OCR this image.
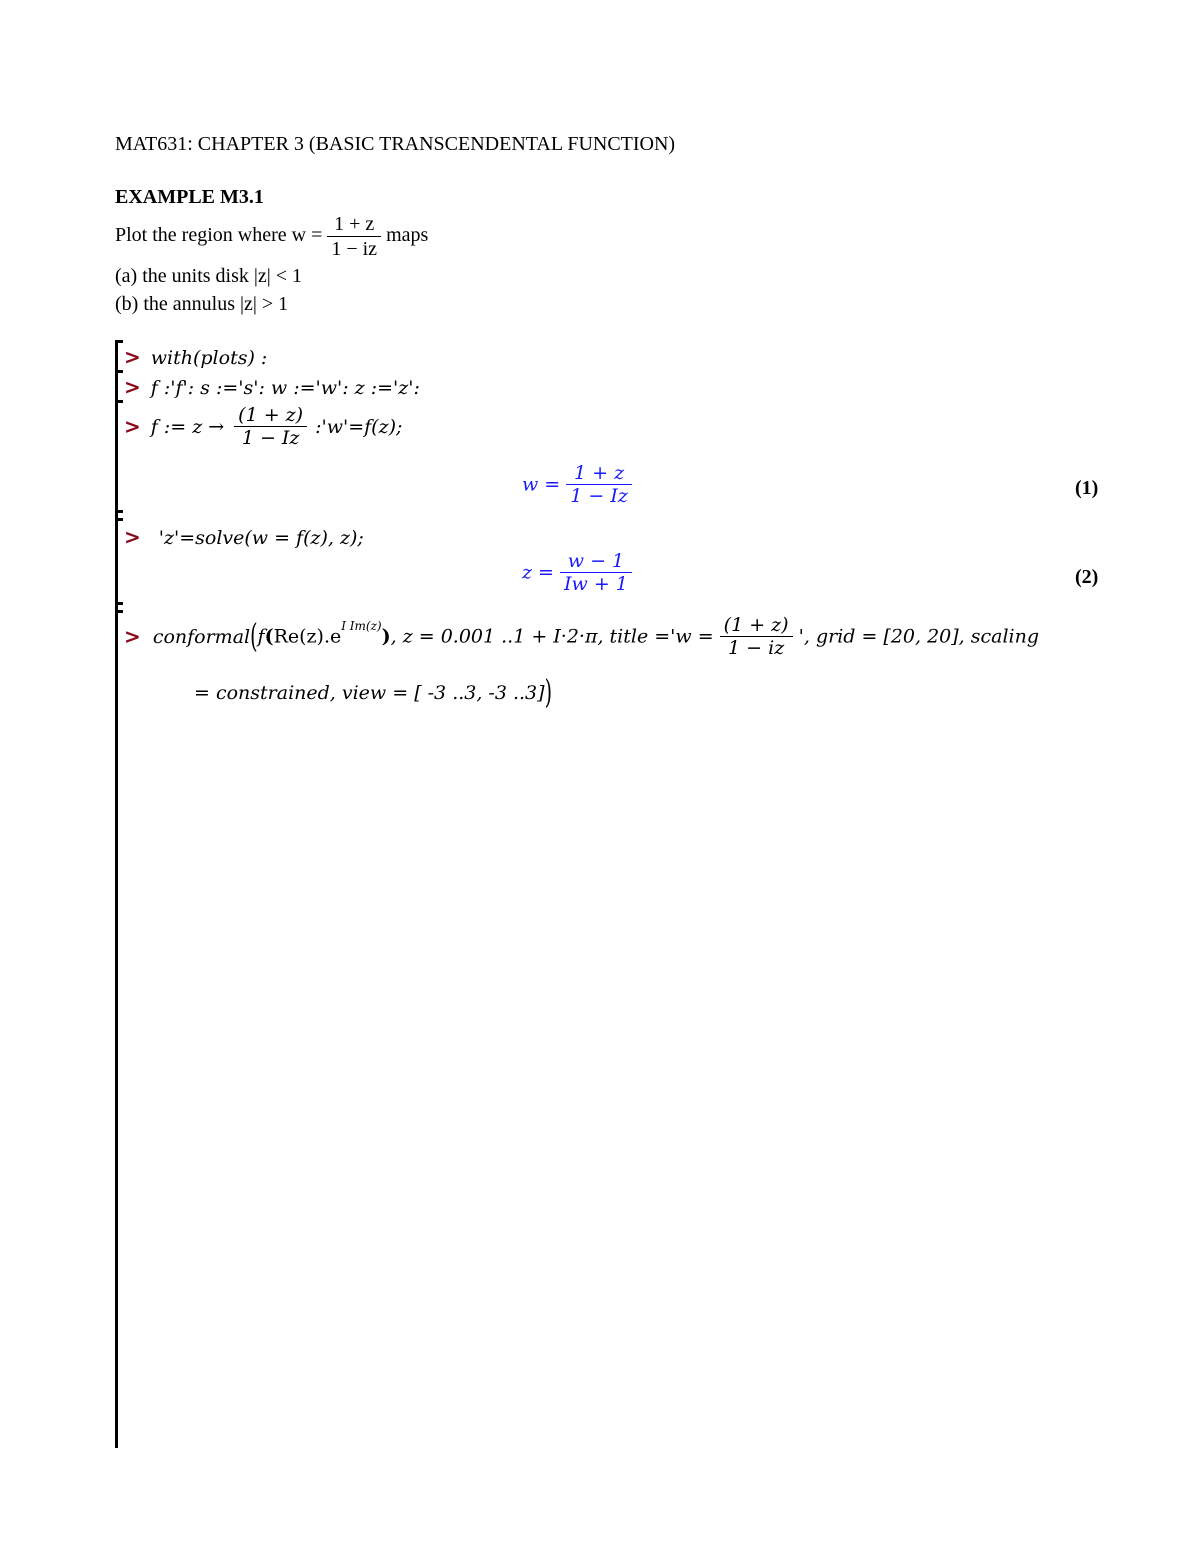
MAT631: CHAPTER 3 (BASIC TRANSCENDENTAL FUNCTION)
EXAMPLE M3.1
Plot the region where $w = \frac{1 + z}{1 - iz}$ maps
(a) the units disk |z| < 1
(b) the annulus |z| > 1
> with(plots) :
> f :'f': s :='s': w :='w': z :='z':
> f := $z \to \frac{(1 + z)}{1 - Iz}$ :'w'=f(z);
$w = \frac{1 + z}{1 - Iz}$	(1)
> 'z'=solve(w = f(z), z);
$z = \frac{w - 1}{Iw + 1}$	(2)
> $conformal(f(Re(z).e^{I Im(z)})$, z = 0.001 ..1 + I·2·π, title $='w = \frac{(1 + z)}{1 - iz}$ ', grid = [20, 20], scaling
= constrained, view = [ -3 ..3, -3 ..3])
